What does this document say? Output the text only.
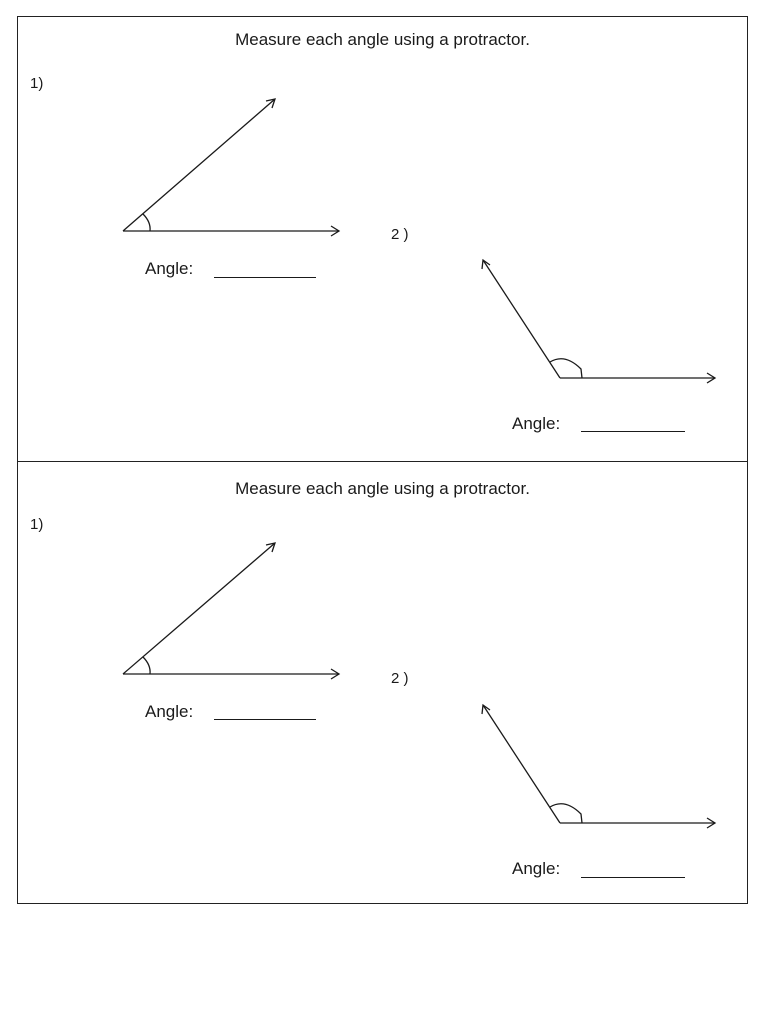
Measure each angle using a protractor.
1)
2 )
Angle:
Angle:
Measure each angle using a protractor.
1)
2 )
Angle:
Angle:
